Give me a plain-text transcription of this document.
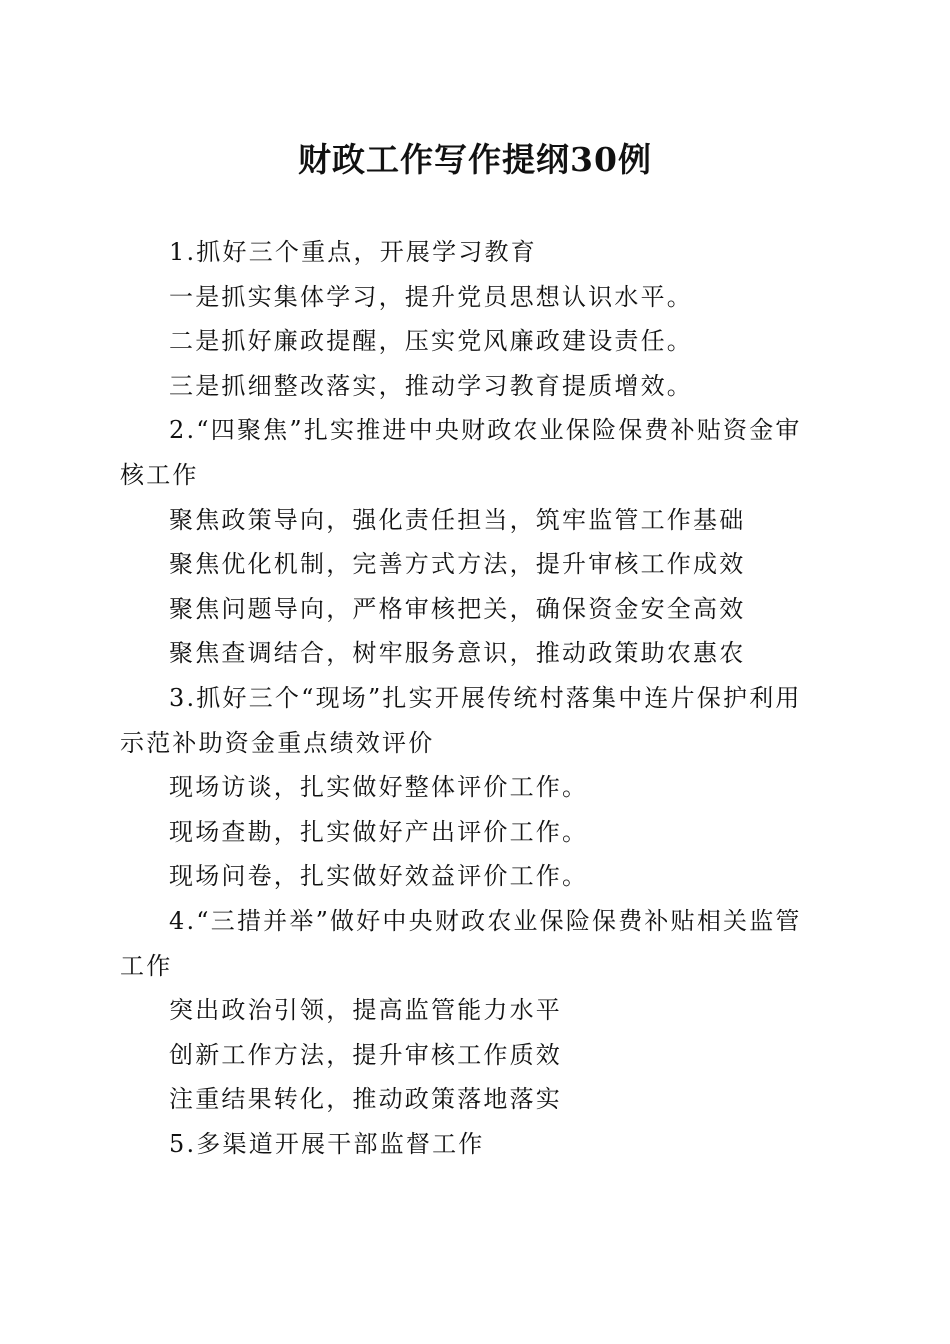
财政工作写作提纲30例

1.抓好三个重点，开展学习教育

一是抓实集体学习，提升党员思想认识水平。

二是抓好廉政提醒，压实党风廉政建设责任。

三是抓细整改落实，推动学习教育提质增效。

2.“四聚焦”扎实推进中央财政农业保险保费补贴资金审核工作

聚焦政策导向，强化责任担当，筑牢监管工作基础

聚焦优化机制，完善方式方法，提升审核工作成效

聚焦问题导向，严格审核把关，确保资金安全高效

聚焦查调结合，树牢服务意识，推动政策助农惠农

3.抓好三个“现场”扎实开展传统村落集中连片保护利用示范补助资金重点绩效评价

现场访谈，扎实做好整体评价工作。

现场查勘，扎实做好产出评价工作。

现场问卷，扎实做好效益评价工作。

4.“三措并举”做好中央财政农业保险保费补贴相关监管工作

突出政治引领，提高监管能力水平

创新工作方法，提升审核工作质效

注重结果转化，推动政策落地落实

5.多渠道开展干部监督工作
